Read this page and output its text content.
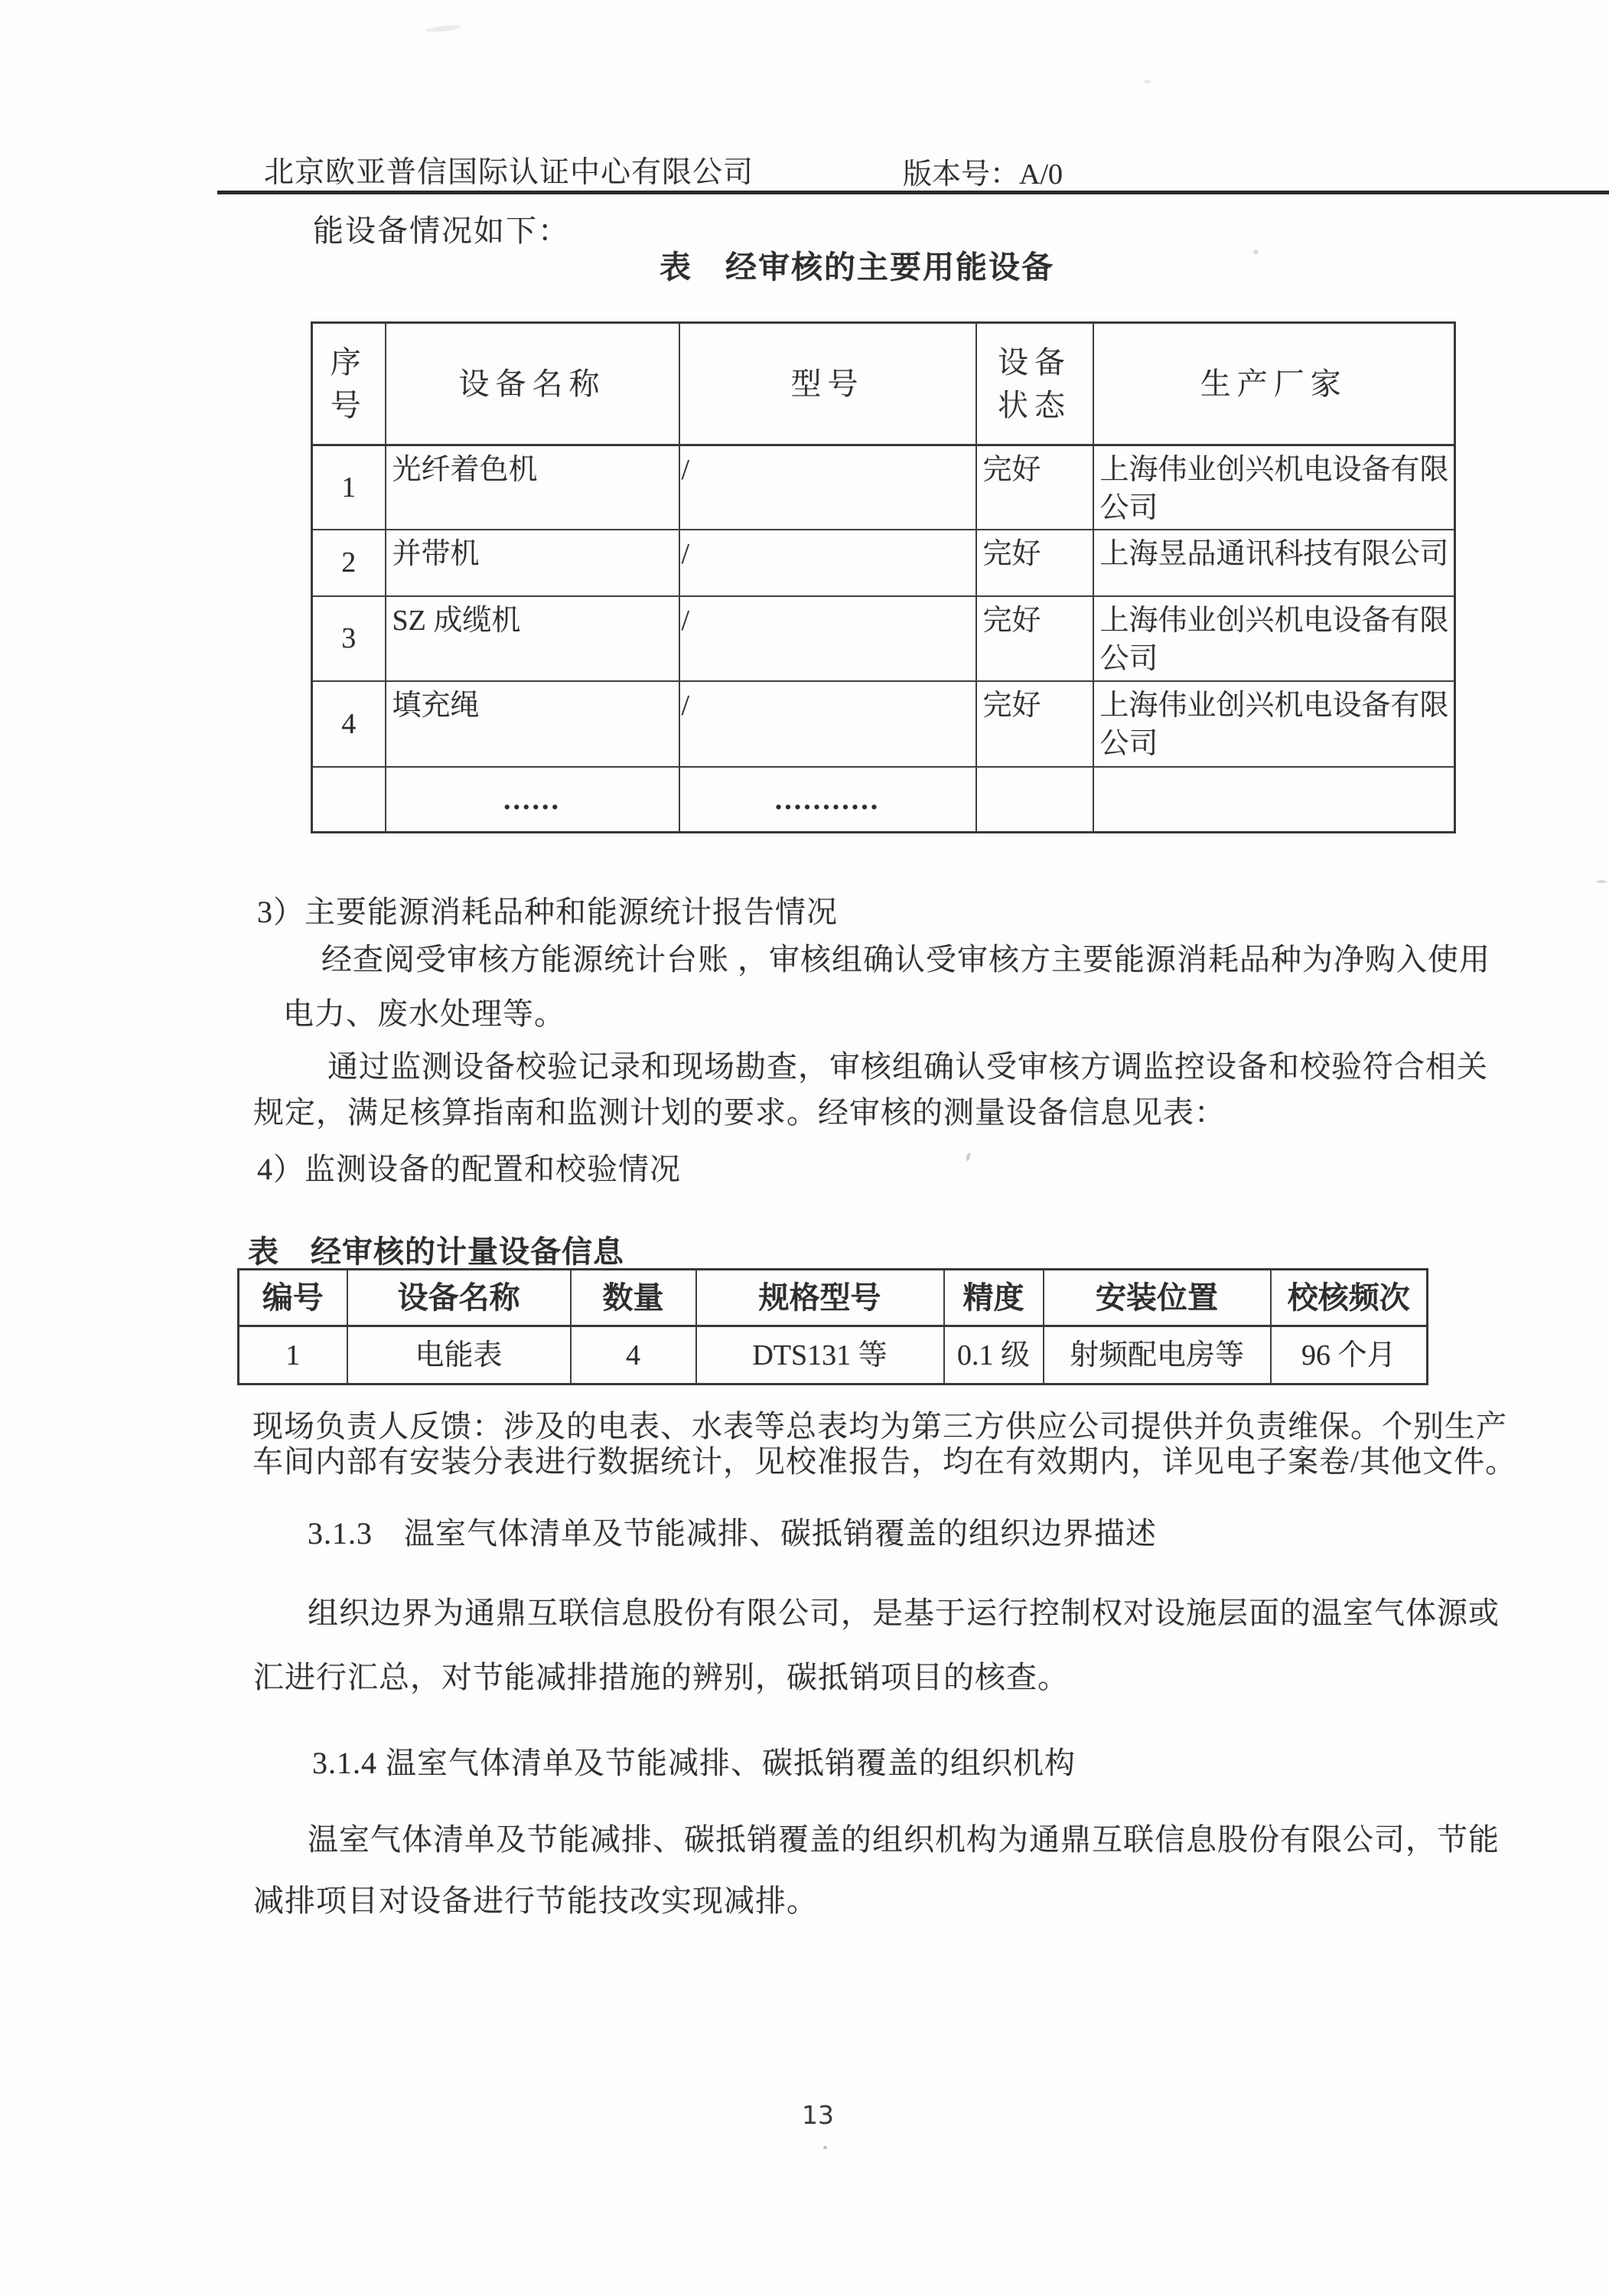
北京欧亚普信国际认证中心有限公司	版本号：A/0
能设备情况如下：
表　经审核的主要用能设备
序号	设备名称	型号	设备状态	生产厂家
1	光纤着色机	/	完好	上海伟业创兴机电设备有限公司
2	并带机	/	完好	上海昱品通讯科技有限公司
3	SZ 成缆机	/	完好	上海伟业创兴机电设备有限公司
4	填充绳	/	完好	上海伟业创兴机电设备有限公司
	......	...........		
3）主要能源消耗品种和能源统计报告情况
经查阅受审核方能源统计台账 ，审核组确认受审核方主要能源消耗品种为净购入使用
电力、废水处理等。
通过监测设备校验记录和现场勘查，审核组确认受审核方调监控设备和校验符合相关
规定，满足核算指南和监测计划的要求。经审核的测量设备信息见表：
4）监测设备的配置和校验情况
表　经审核的计量设备信息
编号	设备名称	数量	规格型号	精度	安装位置	校核频次
1	电能表	4	DTS131 等	0.1 级	射频配电房等	96 个月
现场负责人反馈：涉及的电表、水表等总表均为第三方供应公司提供并负责维保。个别生产
车间内部有安装分表进行数据统计，见校准报告，均在有效期内，详见电子案卷/其他文件。
3.1.3　温室气体清单及节能减排、碳抵销覆盖的组织边界描述
组织边界为通鼎互联信息股份有限公司，是基于运行控制权对设施层面的温室气体源或
汇进行汇总，对节能减排措施的辨别，碳抵销项目的核查。
3.1.4 温室气体清单及节能减排、碳抵销覆盖的组织机构
温室气体清单及节能减排、碳抵销覆盖的组织机构为通鼎互联信息股份有限公司，节能
减排项目对设备进行节能技改实现减排。
13
